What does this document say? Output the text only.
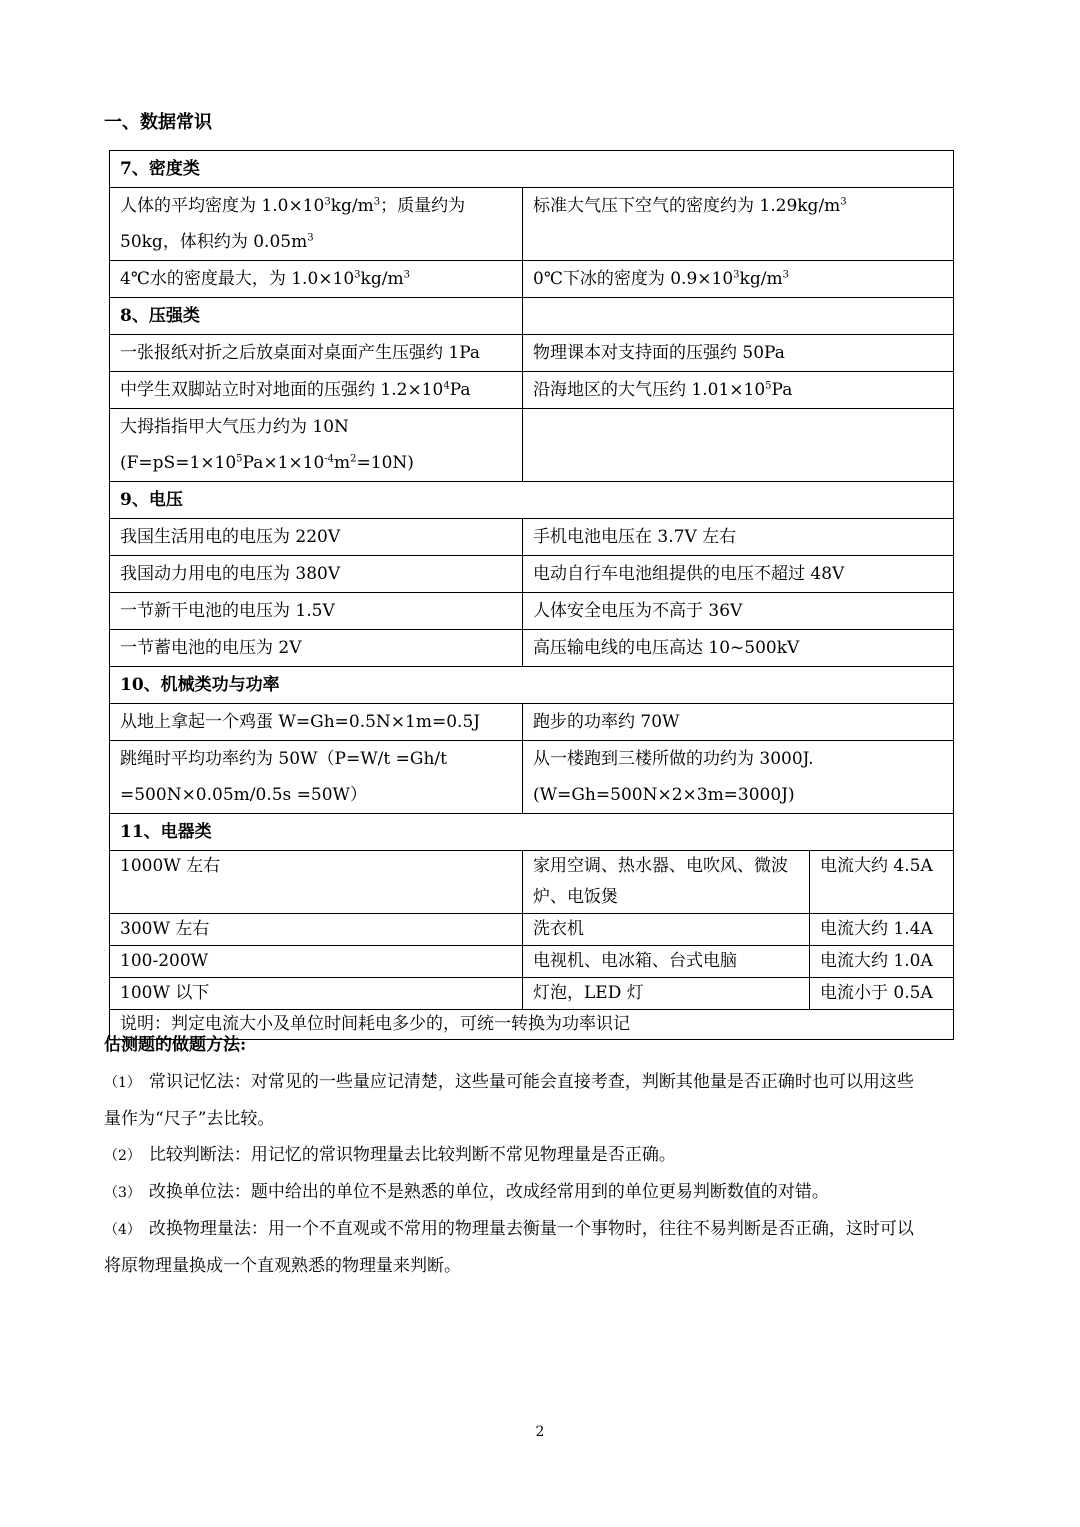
一、数据常识
7、密度类		
人体的平均密度为 $1.0\times 10^3kg/m^3$；质量约为 50kg，体积约为 $0.05m^3$	标准大气压下空气的密度约为 $1.29kg/m^3$
4℃水的密度最大，为 $1.0\times 10^3kg/m^3$	0℃下冰的密度为 $0.9\times 10^3kg/m^3$
8、压强类		
一张报纸对折之后放桌面对桌面产生压强约 1Pa	物理课本对支持面的压强约 50Pa	
中学生双脚站立时对地面的压强约 $1.2\times 10^4Pa$	沿海地区的大气压约 $1.01\times 10^5Pa$	
大拇指指甲大气压力约为 10N
$(F=pS=1\times 10^5Pa\times 1\times 10^{-4}m^2=10N)$		
9、电压		
我国生活用电的电压为 220V	手机电池电压在 3.7V 左右	
我国动力用电的电压为 380V	电动自行车电池组提供的电压不超过 48V	
一节新干电池的电压为 1.5V	人体安全电压为不高于 36V	
一节蓄电池的电压为 2V	高压输电线的电压高达 10~500kV	
10、机械类功与功率		
从地上拿起一个鸡蛋 W=Gh=0.5N×1m=0.5J	跑步的功率约 70W	
跳绳时平均功率约为 50W（P=W/t =Gh/t =500N×0.05m/0.5s =50W）	从一楼跑到三楼所做的功约为 3000J.
(W=Gh=500N×2×3m=3000J)	
11、电器类		
1000W 左右	家用空调、热水器、电吹风、微波炉、电饭煲	电流大约 4.5A
300W 左右	洗衣机	电流大约 1.4A
100-200W	电视机、电冰箱、台式电脑	电流大约 1.0A
100W 以下	灯泡，LED 灯	电流小于 0.5A
说明：判定电流大小及单位时间耗电多少的，可统一转换为功率识记		
估测题的做题方法:

（1） 常识记忆法：对常见的一些量应记清楚，这些量可能会直接考查，判断其他量是否正确时也可以用这些量作为“尺子”去比较。

（2） 比较判断法：用记忆的常识物理量去比较判断不常见物理量是否正确。

（3） 改换单位法：题中给出的单位不是熟悉的单位，改成经常用到的单位更易判断数值的对错。

（4） 改换物理量法：用一个不直观或不常用的物理量去衡量一个事物时，往往不易判断是否正确，这时可以将原物理量换成一个直观熟悉的物理量来判断。

2
